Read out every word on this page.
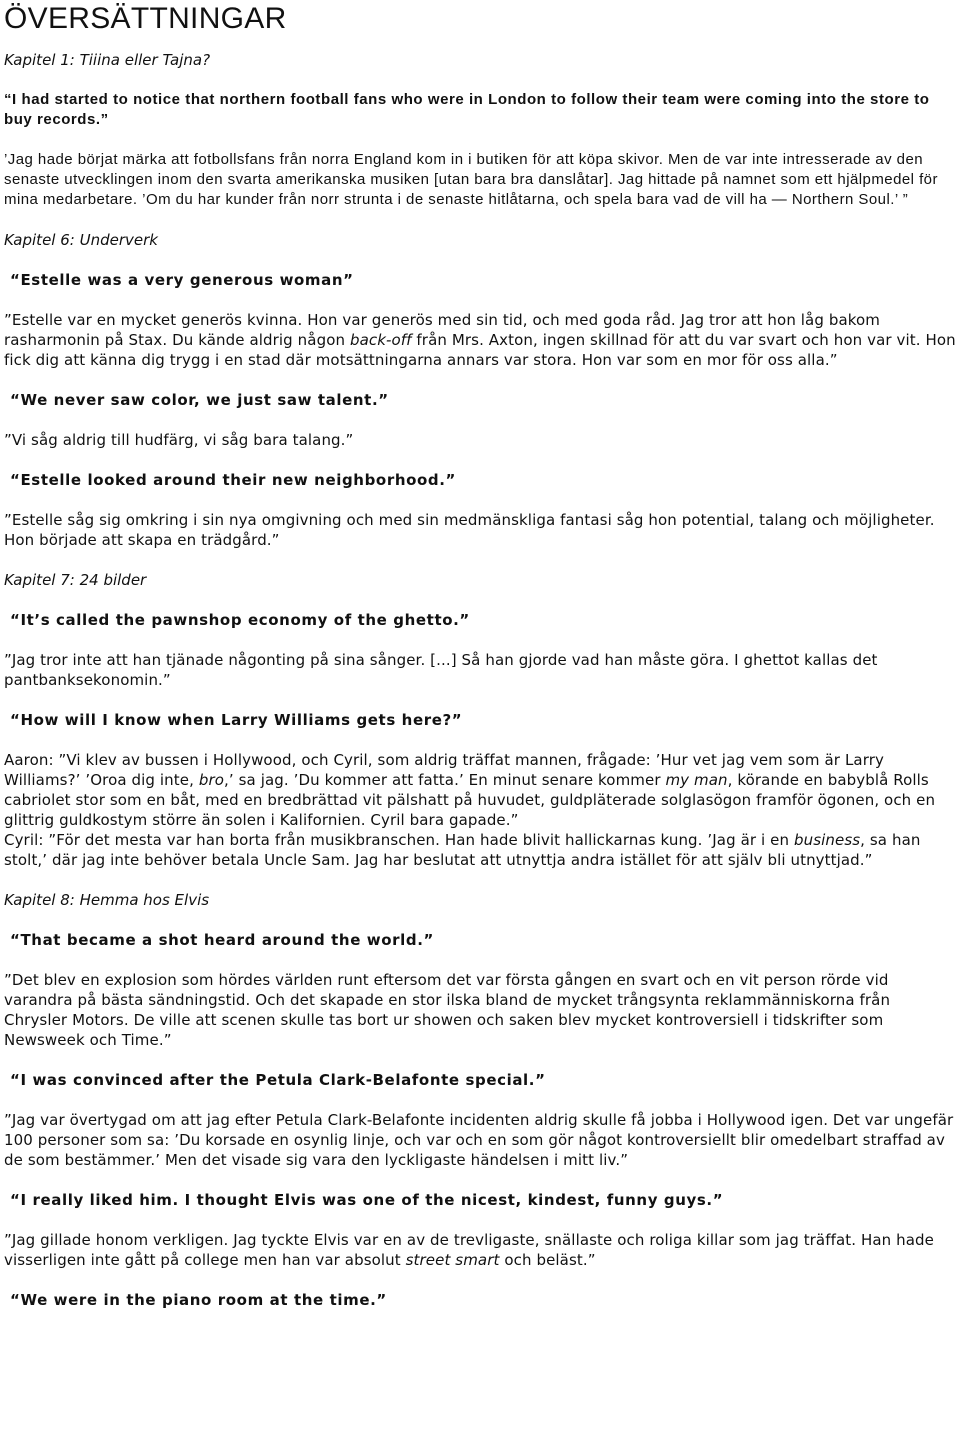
ÖVERSÄTTNINGAR
Kapitel 1: Tiiina eller Tajna?
“I had started to notice that northern football fans who were in London to follow their team were coming into the store to buy records.”
’Jag hade börjat märka att fotbollsfans från norra England kom in i butiken för att köpa skivor. Men de var inte intresserade av den senaste utvecklingen inom den svarta amerikanska musiken [utan bara bra danslåtar]. Jag hittade på namnet som ett hjälpmedel för mina medarbetare. ’Om du har kunder från norr strunta i de senaste hitlåtarna, och spela bara vad de vill ha — Northern Soul.’ ”
Kapitel 6: Underverk
“Estelle was a very generous woman”
”Estelle var en mycket generös kvinna. Hon var generös med sin tid, och med goda råd. Jag tror att hon låg bakom rasharmonin på Stax. Du kände aldrig någon back-off från Mrs. Axton, ingen skillnad för att du var svart och hon var vit. Hon fick dig att känna dig trygg i en stad där motsättningarna annars var stora. Hon var som en mor för oss alla.”
“We never saw color, we just saw talent.”
”Vi såg aldrig till hudfärg, vi såg bara talang.”
“Estelle looked around their new neighborhood.”
”Estelle såg sig omkring i sin nya omgivning och med sin medmänskliga fantasi såg hon potential, talang och möjligheter. Hon började att skapa en trädgård.”
Kapitel 7: 24 bilder
“It’s called the pawnshop economy of the ghetto.”
”Jag tror inte att han tjänade någonting på sina sånger. [...] Så han gjorde vad han måste göra. I ghettot kallas det pantbanksekonomin.”
“How will I know when Larry Williams gets here?”
Aaron: ”Vi klev av bussen i Hollywood, och Cyril, som aldrig träffat mannen, frågade: ’Hur vet jag vem som är Larry Williams?’ ’Oroa dig inte, bro,’ sa jag. ’Du kommer att fatta.’ En minut senare kommer my man, körande en babyblå Rolls cabriolet stor som en båt, med en bredbrättad vit pälshatt på huvudet, guldpläterade solglasögon framför ögonen, och en glittrig guldkostym större än solen i Kalifornien. Cyril bara gapade.”
Cyril: ”För det mesta var han borta från musikbranschen. Han hade blivit hallickarnas kung. ’Jag är i en business, sa han stolt,’ där jag inte behöver betala Uncle Sam. Jag har beslutat att utnyttja andra istället för att själv bli utnyttjad.”
Kapitel 8: Hemma hos Elvis
“That became a shot heard around the world.”
”Det blev en explosion som hördes världen runt eftersom det var första gången en svart och en vit person rörde vid varandra på bästa sändningstid. Och det skapade en stor ilska bland de mycket trångsynta reklammänniskorna från Chrysler Motors. De ville att scenen skulle tas bort ur showen och saken blev mycket kontroversiell i tidskrifter som Newsweek och Time.”
“I was convinced after the Petula Clark-Belafonte special.”
”Jag var övertygad om att jag efter Petula Clark-Belafonte incidenten aldrig skulle få jobba i Hollywood igen. Det var ungefär 100 personer som sa: ’Du korsade en osynlig linje, och var och en som gör något kontroversiellt blir omedelbart straffad av de som bestämmer.’ Men det visade sig vara den lyckligaste händelsen i mitt liv.”
“I really liked him. I thought Elvis was one of the nicest, kindest, funny guys.”
”Jag gillade honom verkligen. Jag tyckte Elvis var en av de trevligaste, snällaste och roliga killar som jag träffat. Han hade visserligen inte gått på college men han var absolut street smart och beläst.”
“We were in the piano room at the time.”
